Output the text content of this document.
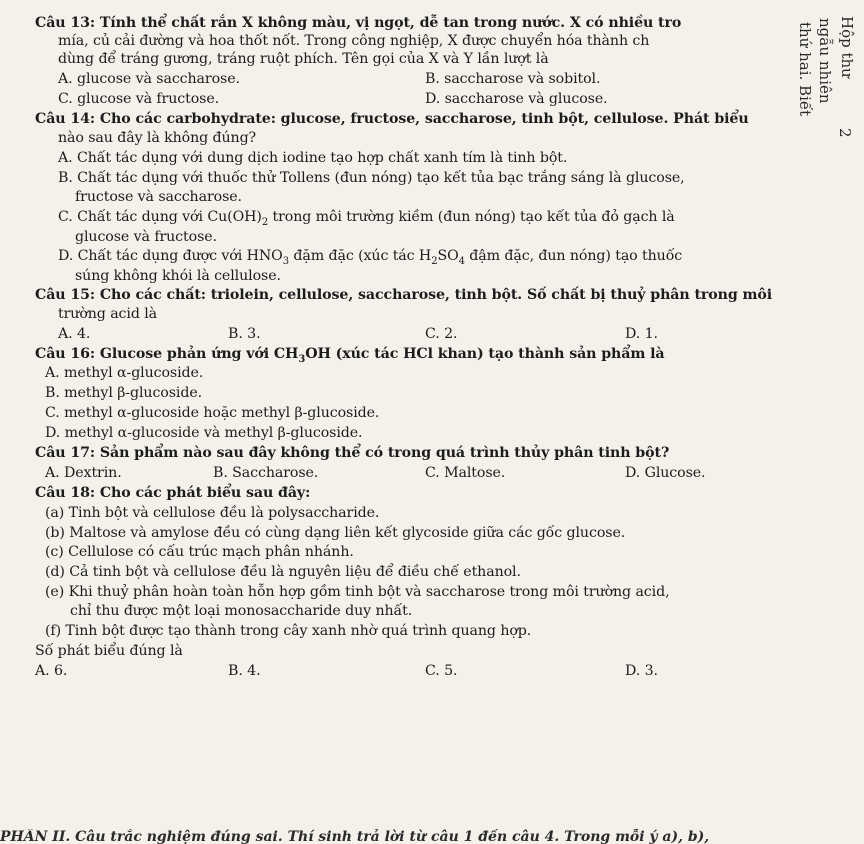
Câu 13: Tính thể chất rắn X không màu, vị ngọt, dễ tan trong nước. X có nhiều tro
mía, củ cải đường và hoa thốt nốt. Trong công nghiệp, X được chuyển hóa thành ch
dùng để tráng gương, tráng ruột phích. Tên gọi của X và Y lần lượt là
A. glucose và saccharose.	B. saccharose và sobitol.
C. glucose và fructose.	D. saccharose và glucose.
Câu 14: Cho các carbohydrate: glucose, fructose, saccharose, tinh bột, cellulose. Phát biểu
nào sau đây là không đúng?
A. Chất tác dụng với dung dịch iodine tạo hợp chất xanh tím là tinh bột.
B. Chất tác dụng với thuốc thử Tollens (đun nóng) tạo kết tủa bạc trắng sáng là glucose,
fructose và saccharose.
C. Chất tác dụng với $Cu(OH)_2$ trong môi trường kiềm (đun nóng) tạo kết tủa đỏ gạch là
glucose và fructose.
D. Chất tác dụng được với $HNO_3$ đặm đặc (xúc tác $H_2SO_4$ đậm đặc, đun nóng) tạo thuốc
súng không khói là cellulose.
Câu 15: Cho các chất: triolein, cellulose, saccharose, tinh bột. Số chất bị thuỷ phân trong môi
trường acid là
A. 4.	B. 3.	C. 2.	D. 1.
Câu 16: Glucose phản ứng với $CH_3OH$ (xúc tác HCl khan) tạo thành sản phẩm là
A. methyl α-glucoside.
B. methyl β-glucoside.
C. methyl α-glucoside hoặc methyl β-glucoside.
D. methyl α-glucoside và methyl β-glucoside.
Câu 17: Sản phẩm nào sau đây không thể có trong quá trình thủy phân tinh bột?
A. Dextrin.	B. Saccharose.	C. Maltose.	D. Glucose.
Câu 18: Cho các phát biểu sau đây:
(a) Tinh bột và cellulose đều là polysaccharide.
(b) Maltose và amylose đều có cùng dạng liên kết glycoside giữa các gốc glucose.
(c) Cellulose có cấu trúc mạch phân nhánh.
(d) Cả tinh bột và cellulose đều là nguyên liệu để điều chế ethanol.
(e) Khi thuỷ phân hoàn toàn hỗn hợp gồm tinh bột và saccharose trong môi trường acid,
chỉ thu được một loại monosaccharide duy nhất.
(f) Tinh bột được tạo thành trong cây xanh nhờ quá trình quang hợp.
Số phát biểu đúng là
A. 6.	B. 4.	C. 5.	D. 3.
Hộp thư
ngẫu nhiên
thứ hai. Biết
2
PHẦN II. Câu trắc nghiệm đúng sai. Thí sinh trả lời từ câu 1 đến câu 4. Trong mỗi ý a), b),
